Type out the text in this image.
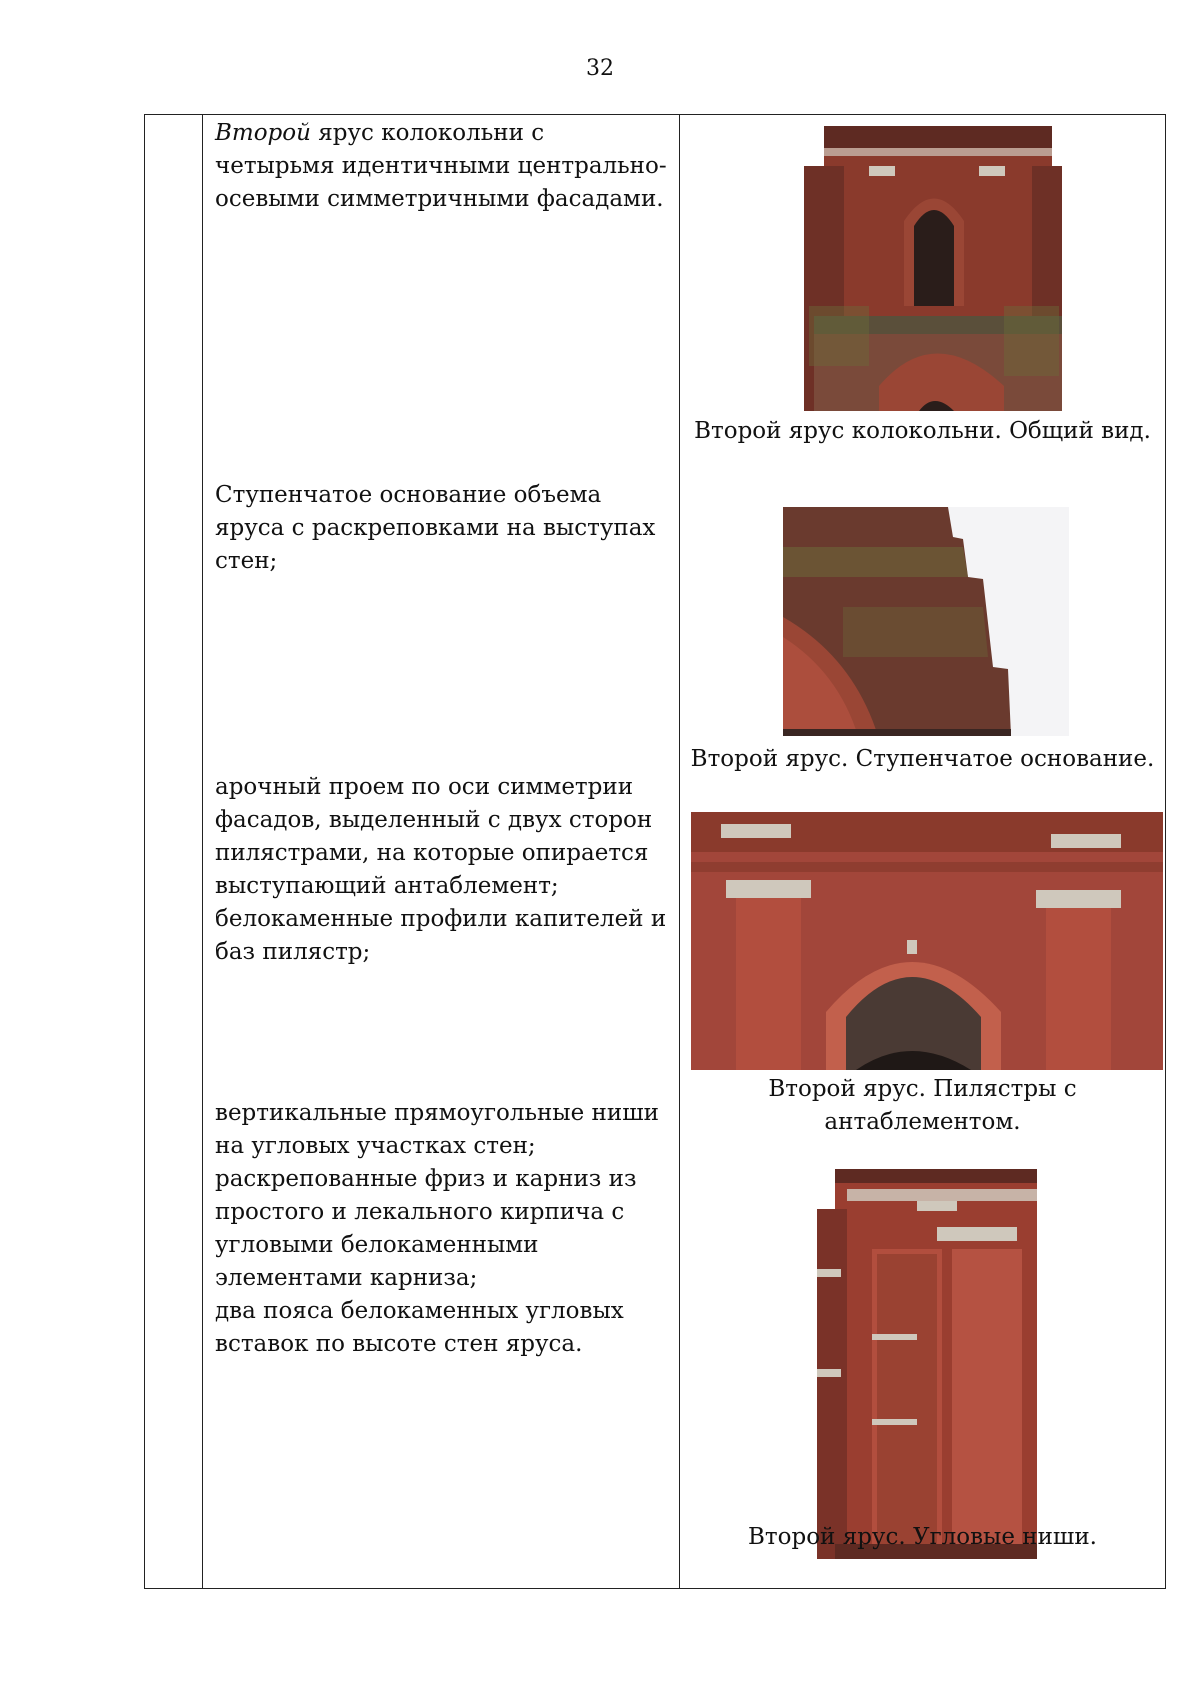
32

Второй ярус колокольни с четырьмя идентичными центрально-осевыми симметричными фасадами.
Ступенчатое основание объема яруса с раскреповками на выступах стен;
арочный проем по оси симметрии фасадов, выделенный с двух сторон пилястрами, на которые опирается выступающий антаблемент;
белокаменные профили капителей и баз пилястр;
вертикальные прямоугольные ниши на угловых участках стен;
раскрепованные фриз и карниз из простого и лекального кирпича с угловыми белокаменными элементами карниза;
два пояса белокаменных угловых вставок по высоте стен яруса.

Второй ярус колокольни. Общий вид.
Второй ярус. Ступенчатое основание.
Второй ярус. Пилястры с антаблементом.
Второй ярус. Угловые ниши.
